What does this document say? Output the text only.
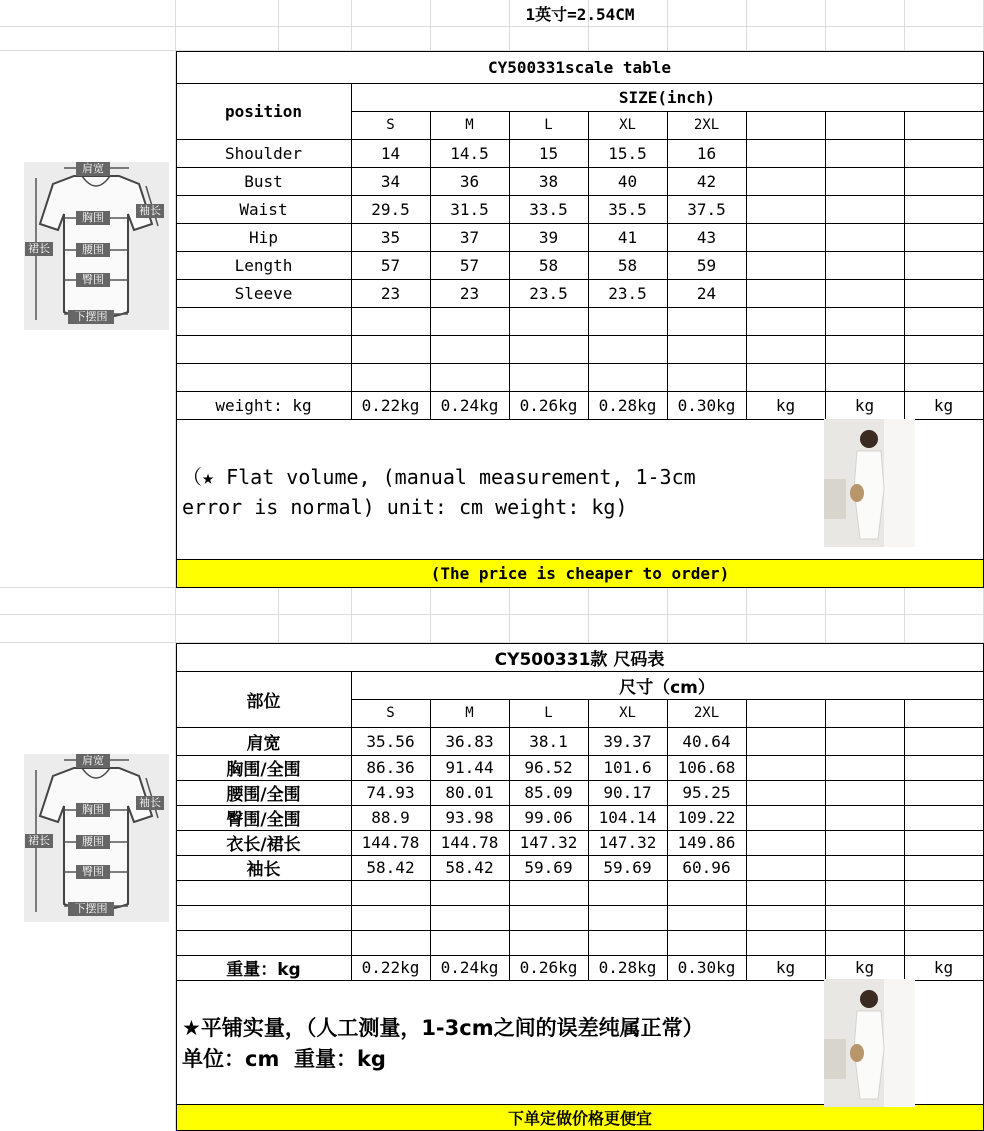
1英寸=2.54CM
CY500331scale table
position
SIZE(inch)
S	M	L	XL	2XL
Shoulder	14	14.5	15	15.5	16
Bust	34	36	38	40	42
Waist	29.5	31.5	33.5	35.5	37.5
Hip	35	37	39	41	43
Length	57	57	58	58	59
Sleeve	23	23	23.5	23.5	24
weight: kg	0.22kg	0.24kg	0.26kg	0.28kg	0.30kg	kg	kg	kg
（★ Flat volume, (manual measurement, 1-3cm
error is normal) unit: cm weight: kg)
(The price is cheaper to order)
CY500331款 尺码表
部位
尺寸（cm）
S	M	L	XL	2XL
肩宽	35.56	36.83	38.1	39.37	40.64
胸围/全围	86.36	91.44	96.52	101.6	106.68
腰围/全围	74.93	80.01	85.09	90.17	95.25
臀围/全围	88.9	93.98	99.06	104.14	109.22
衣长/裙长	144.78	144.78	147.32	147.32	149.86
袖长	58.42	58.42	59.69	59.69	60.96
重量：kg	0.22kg	0.24kg	0.26kg	0.28kg	0.30kg	kg	kg	kg
★平铺实量，（人工测量，1-3cm之间的误差纯属正常）
单位：cm  重量：kg
下单定做价格更便宜
肩宽
袖长
胸围
裙长	腰围
臀围
下摆围
肩宽
袖长
胸围
裙长	腰围
臀围
下摆围
